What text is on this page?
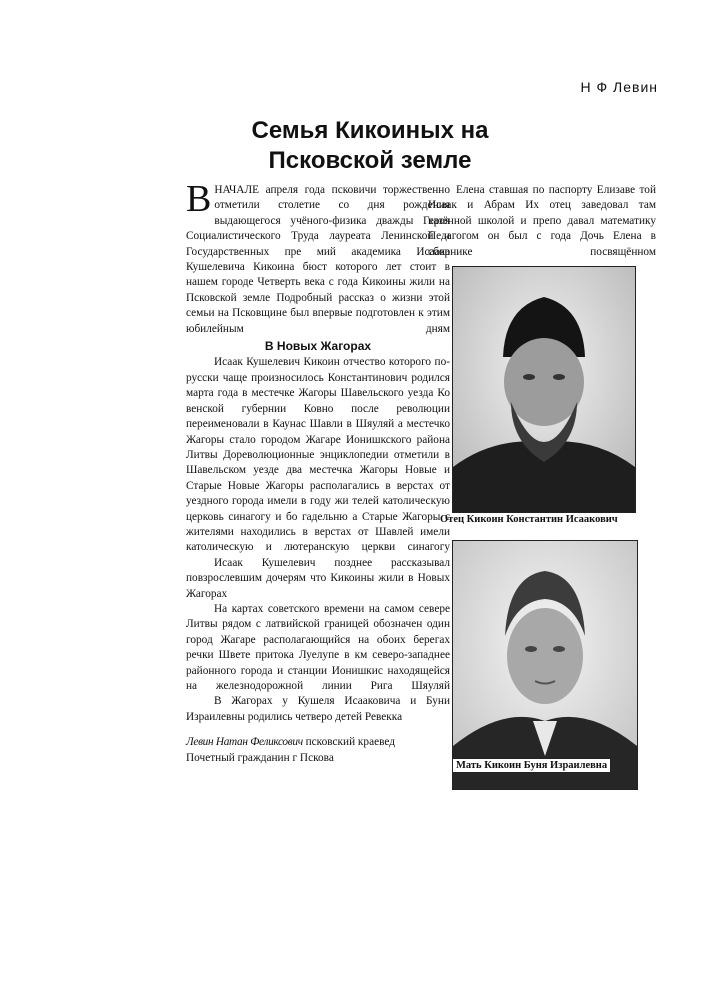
Н Ф Левин
Семья Кикоиных на
Псковской земле

ВНАЧАЛЕ апреля года псковичи торжественно отметили столетие со дня рождения выдающегося учёного-физика дважды Героя Социалистического Труда лауреата Ленинской и Государственных пре мий академика Исаака Кушелевича Кикоина бюст которого лет стоит в нашем городе Четверть века с года Кикоины жили на Псковской земле Подробный рассказ о жизни этой семьи на Псковщине был впервые подготовлен к этим юбилейным дням

В Новых Жагорах

Исаак Кушелевич Кикоин отчество которого по-русски чаще произносилось Константинович родился марта года в местечке Жагоры Шавельского уезда Ко венской губернии Ковно после революции переименовали в Каунас Шавли в Шяуляй а местечко Жагоры стало городом Жагаре Ионишкского района Литвы Дореволюционные энциклопедии отметили в Шавельском уезде два местечка Жагоры Новые и Старые Новые Жагоры располагались в верстах от уездного города имели в году жи телей католическую церковь синагогу и бо гадельню а Старые Жагоры с жителями находились в верстах от Шавлей имели католическую и лютеранскую церкви синагогу

Исаак Кушелевич позднее рассказывал повзрослевшим дочерям что Кикоины жили в Новых Жагорах

На картах советского времени на самом севере Литвы рядом с латвийской границей обозначен один город Жагаре располагающийся на обоих берегах речки Швете притока Луелупе в км северо-западнее районного города и станции Ионишкис находящейся на железнодорожной линии Рига Шяуляй

В Жагорах у Кушеля Исааковича и Буни Израилевны родились четверо детей Ревекка

Левин Натан Феликсович псковский краевед
Почетный гражданин г Пскова

Елена ставшая по паспорту Елизаве той Исаак и Абрам Их отец заведовал там казённой школой и препо давал математику Педагогом он был с года Дочь Елена в сборнике посвящённом

Отец Кикоин Константин Исаакович
Мать Кикоин Буня Израилевна
